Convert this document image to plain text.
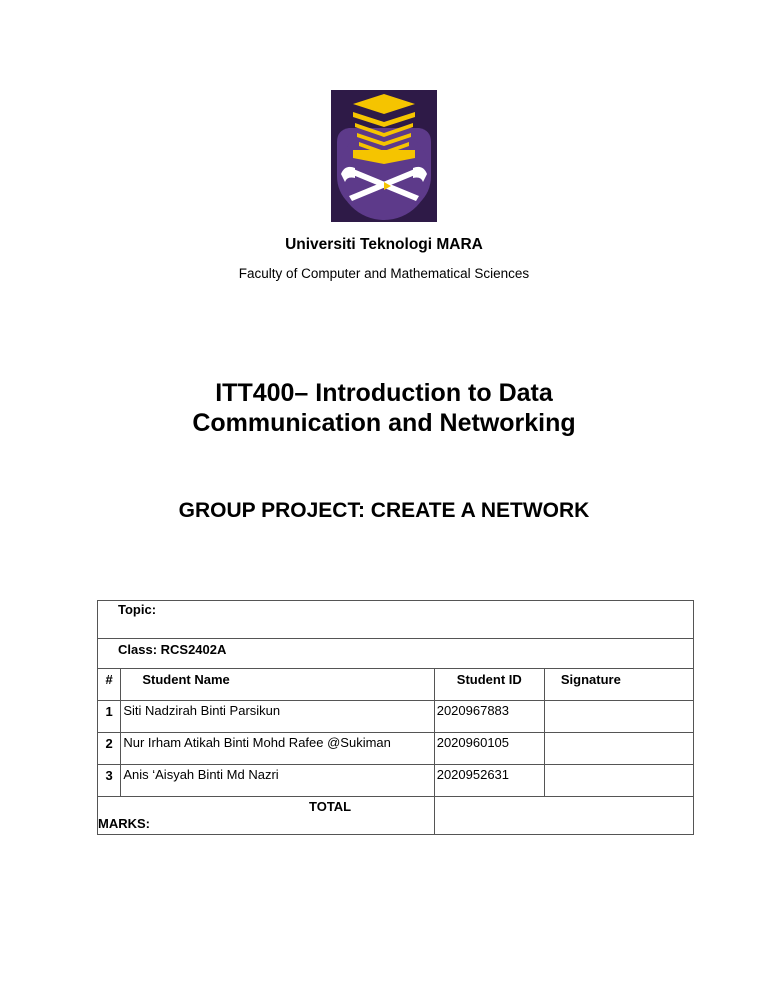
Universiti Teknologi MARA
Faculty of Computer and Mathematical Sciences
ITT400– Introduction to Data
Communication and Networking
GROUP PROJECT: CREATE A NETWORK
Topic:			
Class: RCS2402A			
#	Student Name	Student ID	Signature
1	Siti Nadzirah Binti Parsikun	2020967883	
2	Nur Irham Atikah Binti Mohd Rafee @Sukiman	2020960105	
3	Anis ‘Aisyah Binti Md Nazri	2020952631	

TOTAL
MARKS:			
